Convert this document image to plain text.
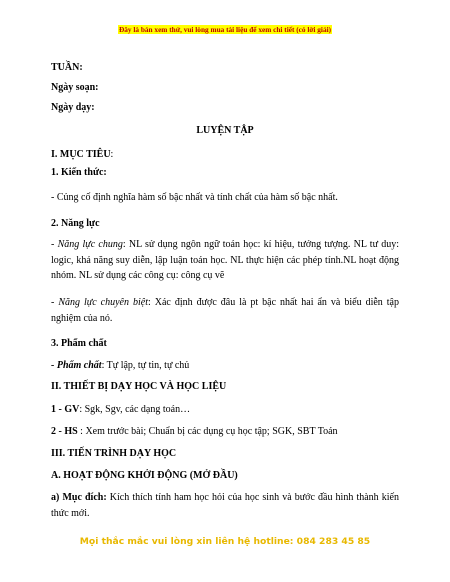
Đây là bản xem thử, vui lòng mua tài liệu để xem chi tiết (có lời giải)
TUẦN:
Ngày soạn:
Ngày dạy:
LUYỆN TẬP
I. MỤC TIÊU:
1. Kiến thức:
- Củng cố định nghĩa hàm số bậc nhất và tính chất của hàm số bậc nhất.
2. Năng lực
- Năng lực chung: NL sử dụng ngôn ngữ toán học: kí hiệu, tưởng tượng. NL tư duy: logic, khả năng suy diễn, lập luận toán học. NL thực hiện các phép tính.NL hoạt động nhóm. NL sử dụng các công cụ: công cụ vẽ
- Năng lực chuyên biệt: Xác định được đâu là pt bậc nhất hai ẩn và biểu diễn tập nghiệm của nó.
3. Phẩm chất
- Phẩm chất: Tự lập, tự tin, tự chủ
II. THIẾT BỊ DẠY HỌC VÀ HỌC LIỆU
1 - GV: Sgk, Sgv, các dạng toán…
2 - HS : Xem trước bài; Chuẩn bị các dụng cụ học tập; SGK, SBT Toán
III. TIẾN TRÌNH DẠY HỌC
A. HOẠT ĐỘNG KHỞI ĐỘNG (MỞ ĐẦU)
a) Mục đích: Kích thích tính ham học hỏi của học sinh và bước đầu hình thành kiến thức mới.
Mọi thắc mắc vui lòng xin liên hệ hotline: 084 283 45 85
